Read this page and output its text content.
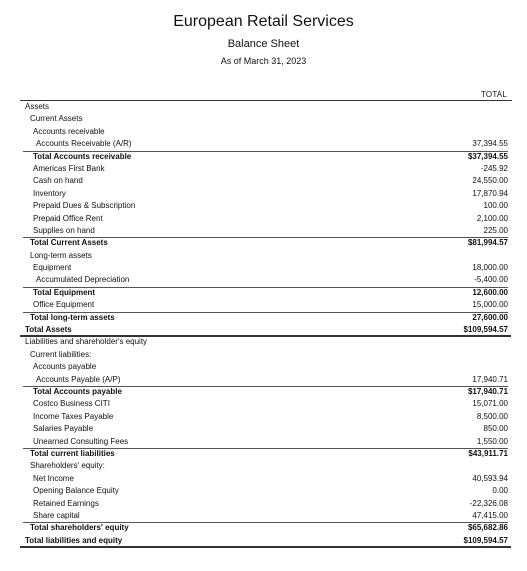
European Retail Services
Balance Sheet
As of March 31, 2023
TOTAL
Assets
Current Assets
Accounts receivable
Accounts Receivable (A/R)	37,394.55
Total Accounts receivable	$37,394.55
Americas First Bank	-245.92
Cash on hand	24,550.00
Inventory	17,870.94
Prepaid Dues & Subscription	100.00
Prepaid Office Rent	2,100.00
Supplies on hand	225.00
Total Current Assets	$81,994.57
Long-term assets
Equipment	18,000.00
Accumulated Depreciation	-5,400.00
Total Equipment	12,600.00
Office Equipment	15,000.00
Total long-term assets	27,600.00
Total Assets	$109,594.57
Liabilities and shareholder's equity
Current liabilities:
Accounts payable
Accounts Payable (A/P)	17,940.71
Total Accounts payable	$17,940.71
Costco Business CITI	15,071.00
Income Taxes Payable	8,500.00
Salaries Payable	850.00
Unearned Consulting Fees	1,550.00
Total current liabilities	$43,911.71
Shareholders' equity:
Net Income	40,593.94
Opening Balance Equity	0.00
Retained Earnings	-22,326.08
Share capital	47,415.00
Total shareholders' equity	$65,682.86
Total liabilities and equity	$109,594.57
